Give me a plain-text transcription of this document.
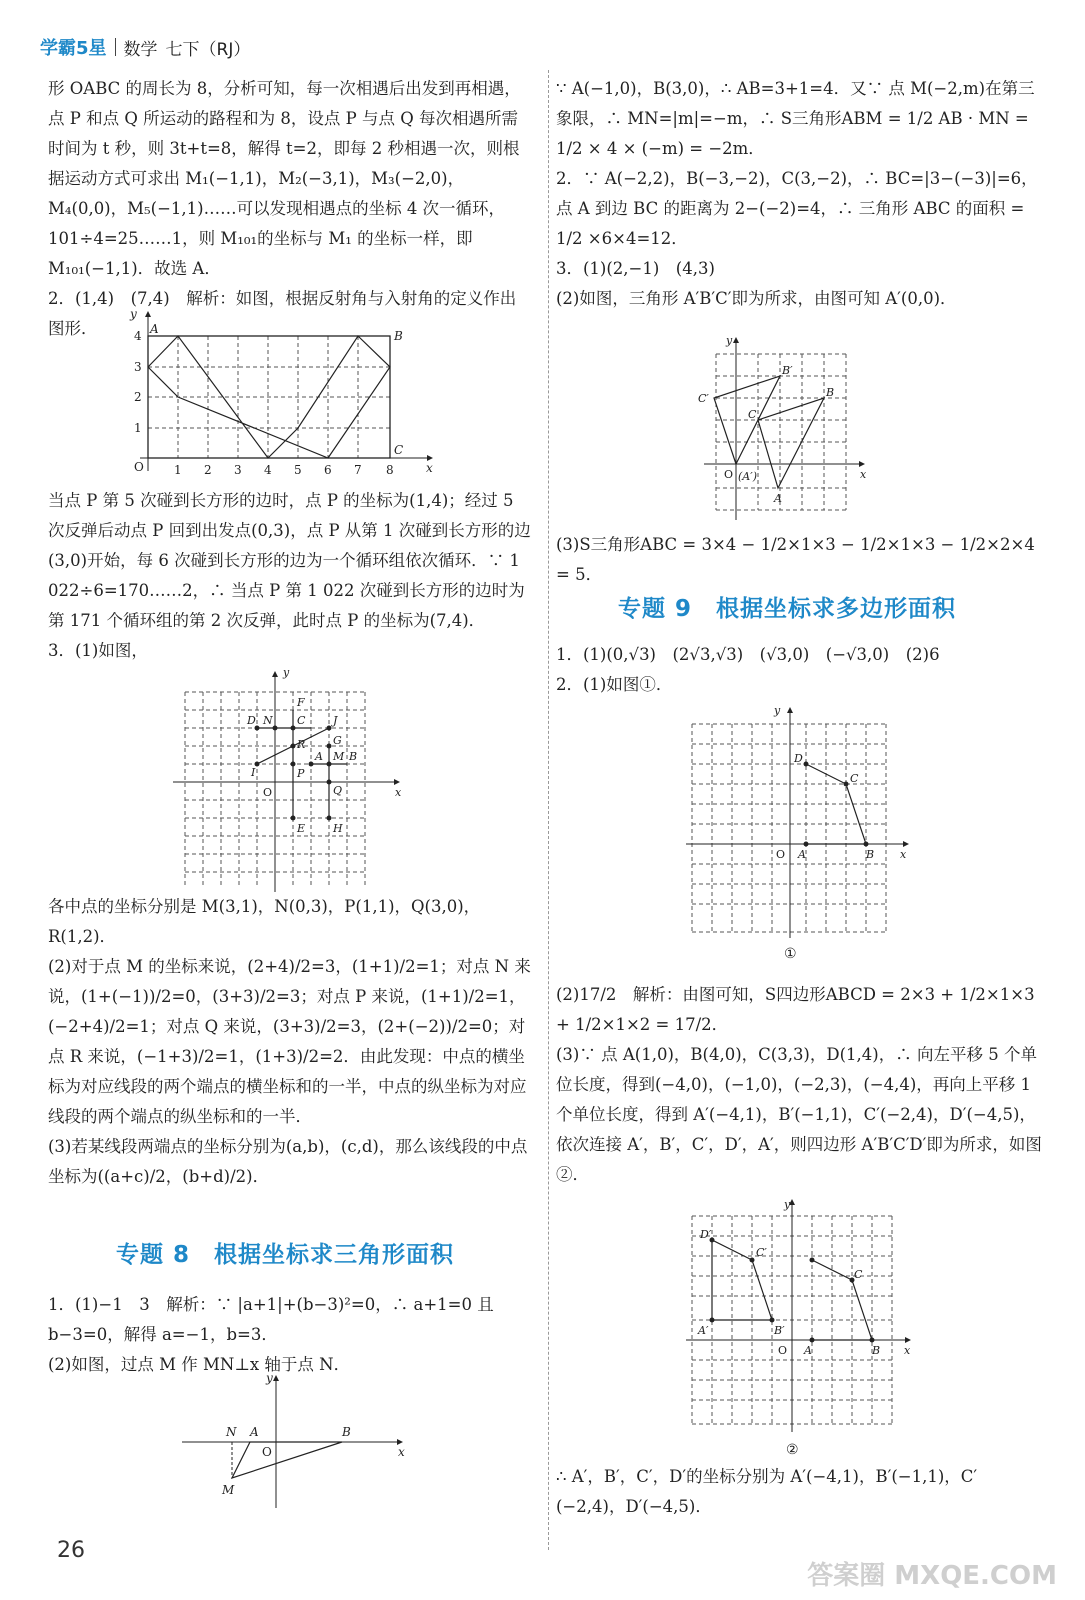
学霸5星 数学 七下（RJ）

形 OABC 的周长为 8，分析可知，每一次相遇后出发到再相遇，点 P 和点 Q 所运动的路程和为 8，设点 P 与点 Q 每次相遇所需时间为 t 秒，则 3t+t=8，解得 t=2，即每 2 秒相遇一次，则根据运动方式可求出 M₁(−1,1)，M₂(−3,1)，M₃(−2,0)，M₄(0,0)，M₅(−1,1)……可以发现相遇点的坐标 4 次一循环，101÷4=25……1，则 M₁₀₁的坐标与 M₁ 的坐标一样，即 M₁₀₁(−1,1)．故选 A．

2．(1,4)　(7,4)　解析：如图，根据反射角与入射角的定义作出图形．

y
x
O	1 2 3 4 5 6 7 8
1
2
3
4 A	B
C

当点 P 第 5 次碰到长方形的边时，点 P 的坐标为(1,4)；经过 5 次反弹后动点 P 回到出发点(0,3)，点 P 从第 1 次碰到长方形的边(3,0)开始，每 6 次碰到长方形的边为一个循环组依次循环．∵ 1 022÷6=170……2，∴ 当点 P 第 1 022 次碰到长方形的边时为第 171 个循环组的第 2 次反弹，此时点 P 的坐标为(7,4)．

3．(1)如图，

y
x
O
D N
F
C	J
G
R
A M B
I	P
Q
E	H

各中点的坐标分别是 M(3,1)，N(0,3)，P(1,1)，Q(3,0)，R(1,2)．

(2)对于点 M 的坐标来说，(2+4)/2=3，(1+1)/2=1；对点 N 来说，(1+(−1))/2=0，(3+3)/2=3；对点 P 来说，(1+1)/2=1，(−2+4)/2=1；对点 Q 来说，(3+3)/2=3，(2+(−2))/2=0；对点 R 来说，(−1+3)/2=1，(1+3)/2=2．由此发现：中点的横坐标为对应线段的两个端点的横坐标和的一半，中点的纵坐标为对应线段的两个端点的纵坐标和的一半．

(3)若某线段两端点的坐标分别为(a,b)，(c,d)，那么该线段的中点坐标为((a+c)/2，(b+d)/2)．

专题 8　根据坐标求三角形面积

1．(1)−1　3　解析：∵ |a+1|+(b−3)²=0，∴ a+1=0 且 b−3=0，解得 a=−1，b=3．

(2)如图，过点 M 作 MN⊥x 轴于点 N．

y
x
O
N A	B
M

∵ A(−1,0)，B(3,0)，∴ AB=3+1=4．又∵ 点 M(−2,m)在第三象限，∴ MN=|m|=−m，∴ S三角形ABM = 1/2 AB · MN = 1/2 × 4 × (−m) = −2m．

2．∵ A(−2,2)，B(−3,−2)，C(3,−2)，∴ BC=|3−(−3)|=6，点 A 到边 BC 的距离为 2−(−2)=4，∴ 三角形 ABC 的面积 = 1/2 ×6×4=12．

3．(1)(2,−1)　(4,3)

(2)如图，三角形 A′B′C′即为所求，由图可知 A′(0,0)．

y
x
O (A′)
A
B
C
B′
C′

(3)S三角形ABC = 3×4 − 1/2×1×3 − 1/2×1×3 − 1/2×2×4 = 5．

专题 9　根据坐标求多边形面积

1．(1)(0,√3)　(2√3,√3)　(√3,0)　(−√3,0)　(2)6

2．(1)如图①．

y
x
O A	B
C
D
①

(2)17/2　解析：由图可知，S四边形ABCD = 2×3 + 1/2×1×3 + 1/2×1×2 = 17/2．

(3)∵ 点 A(1,0)，B(4,0)，C(3,3)，D(1,4)，∴ 向左平移 5 个单位长度，得到(−4,0)，(−1,0)，(−2,3)，(−4,4)，再向上平移 1 个单位长度，得到 A′(−4,1)，B′(−1,1)，C′(−2,4)，D′(−4,5)，依次连接 A′，B′，C′，D′，A′，则四边形 A′B′C′D′即为所求，如图②．

y
x
O A	B
C
A′	B′
C′
D′
②

∴ A′，B′，C′，D′的坐标分别为 A′(−4,1)，B′(−1,1)，C′(−2,4)，D′(−4,5)．

26
答案圈 MXQE.COM
